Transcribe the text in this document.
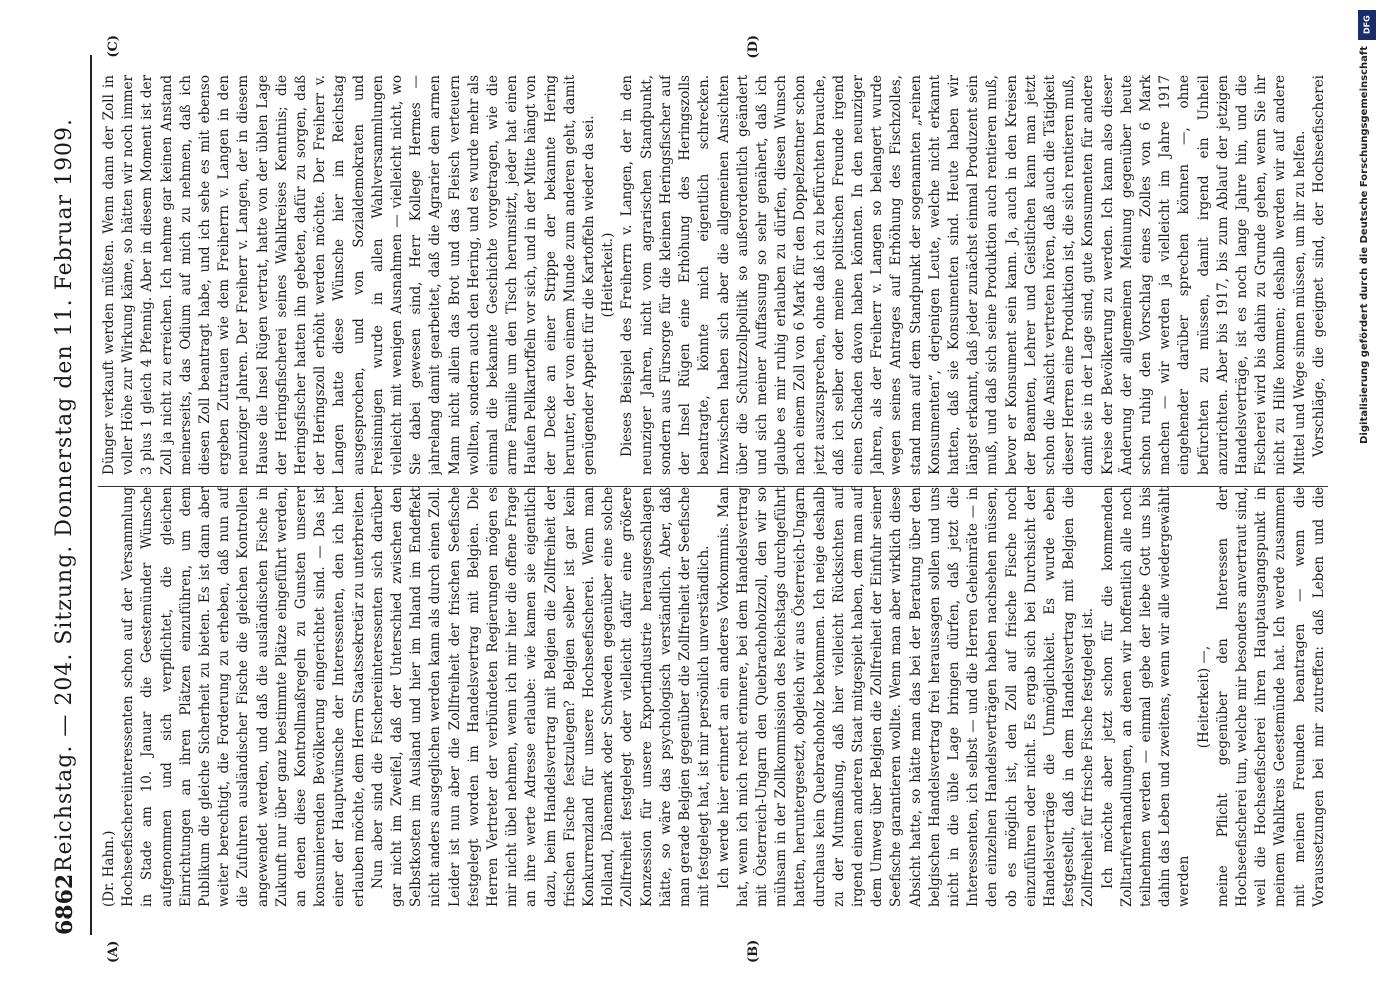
6862
Reichstag. — 204. Sitzung. Donnerstag den 11. Februar 1909.
(A)	(B)
(C)	(D)
(Dr. Hahn.) Hochseefischereiinteressenten schon auf der Versammlung in Stade am 10. Januar die Geestemünder Wünsche aufgenommen und sich verpflichtet, die gleichen Einrichtungen an ihren Plätzen einzuführen, um dem Publikum die gleiche Sicherheit zu bieten. Es ist dann aber weiter berechtigt, die Forderung zu erheben, daß nun auf die Zufuhren ausländischer Fische die gleichen Kontrollen angewendet werden, und daß die ausländischen Fische in Zukunft nur über ganz bestimmte Plätze eingeführt werden, an denen diese Kontrollmaßregeln zu Gunsten unserer konsumierenden Bevölkerung eingerichtet sind. — Das ist einer der Hauptwünsche der Interessenten, den ich hier erlauben möchte, dem Herrn Staatssekretär zu unterbreiten. Nun aber sind die Fischereiinteressenten sich darüber gar nicht im Zweifel, daß der Unterschied zwischen den Selbstkosten im Ausland und hier im Inland im Endeffekt nicht anders ausgeglichen werden kann als durch einen Zoll. Leider ist nun aber die Zollfreiheit der frischen Seefische festgelegt worden im Handelsvertrag mit Belgien. Die Herren Vertreter der verbündeten Regierungen mögen es mir nicht übel nehmen, wenn ich mir hier die offene Frage an ihre werte Adresse erlaube: wie kamen sie eigentlich dazu, beim Handelsvertrag mit Belgien die Zollfreiheit der frischen Fische festzulegen? Belgien selber ist gar kein Konkurrenzland für unsere Hochseefischerei. Wenn man Holland, Dänemark oder Schweden gegenüber eine solche Zollfreiheit festgelegt oder vielleicht dafür eine größere Konzession für unsere Exportindustrie herausgeschlagen hätte, so wäre das psychologisch verständlich. Aber, daß man gerade Belgien gegenüber die Zollfreiheit der Seefische mit festgelegt hat, ist mir persönlich unverständlich. Ich werde hier erinnert an ein anderes Vorkommnis. Man hat, wenn ich mich recht erinnere, bei dem Handelsvertrag mit Österreich-Ungarn den Quebrachoholzzoll, den wir so mühsam in der Zollkommission des Reichstags durchgeführt hatten, heruntergesetzt, obgleich wir aus Österreich-Ungarn durchaus kein Quebrachoholz bekommen. Ich neige deshalb zu der Mutmaßung, daß hier vielleicht Rücksichten auf irgend einen anderen Staat mitgespielt haben, dem man auf dem Umweg über Belgien die Zollfreiheit der Einfuhr seiner Seefische garantieren wollte. Wenn man aber wirklich diese Absicht hatte, so hätte man das bei der Beratung über den belgischen Handelsvertrag frei heraussagen sollen und uns nicht in die üble Lage bringen dürfen, daß jetzt die Interessenten, ich selbst — und die Herren Geheimräte — in den einzelnen Handelsverträgen haben nachsehen müssen, ob es möglich ist, den Zoll auf frische Fische noch einzuführen oder nicht. Es ergab sich bei Durchsicht der Handelsverträge die Unmöglichkeit. Es wurde eben festgestellt, daß in dem Handelsvertrag mit Belgien die Zollfreiheit für frische Fische festgelegt ist. Ich möchte aber jetzt schon für die kommenden Zolltarifverhandlungen, an denen wir hoffentlich alle noch teilnehmen werden — einmal gebe der liebe Gott uns bis dahin das Leben und zweitens, wenn wir alle wiedergewählt werden

(Heiterkeit) —,

meine Pflicht gegenüber den Interessen der Hochseefischerei tun, welche mir besonders anvertraut sind, weil die Hochseefischerei ihren Hauptausgangspunkt in meinem Wahlkreis Geestemünde hat. Ich werde zusammen mit meinen Freunden beantragen — wenn die Voraussetzungen bei mir zutreffen: daß Leben und die

Dünger verkauft werden müßten. Wenn dann der Zoll in voller Höhe zur Wirkung käme, so hätten wir noch immer 3 plus 1 gleich 4 Pfennig. Aber in diesem Moment ist der Zoll ja nicht zu erreichen. Ich nehme gar keinen Anstand meinerseits, das Odium auf mich zu nehmen, daß ich diesen Zoll beantragt habe, und ich sehe es mit ebenso ergeben Zutrauen wie dem Freiherrn v. Langen in den neunziger Jahren. Der Freiherr v. Langen, der in diesem Hause die Insel Rügen vertrat, hatte von der üblen Lage der Heringsfischerei seines Wahlkreises Kenntnis; die Heringsfischer hatten ihn gebeten, dafür zu sorgen, daß der Heringszoll erhöht werden möchte. Der Freiherr v. Langen hatte diese Wünsche hier im Reichstag ausgesprochen, und von Sozialdemokraten und Freisinnigen wurde in allen Wahlversammlungen vielleicht mit wenigen Ausnahmen — vielleicht nicht, wo Sie dabei gewesen sind, Herr Kollege Hermes — jahrelang damit gearbeitet, daß die Agrarier dem armen Mann nicht allein das Brot und das Fleisch verteuern wollten, sondern auch den Hering, und es wurde mehr als einmal die bekannte Geschichte vorgetragen, wie die arme Familie um den Tisch herumsitzt, jeder hat einen Haufen Pellkartoffeln vor sich, und in der Mitte hängt von der Decke an einer Strippe der bekannte Hering herunter, der von einem Munde zum anderen geht, damit genügender Appetit für die Kartoffeln wieder da sei. (Heiterkeit.) Dieses Beispiel des Freiherrn v. Langen, der in den neunziger Jahren, nicht vom agrarischen Standpunkt, sondern aus Fürsorge für die kleinen Heringsfischer auf der Insel Rügen eine Erhöhung des Heringszolls beantragte, könnte mich eigentlich schrecken. Inzwischen haben sich aber die allgemeinen Ansichten über die Schutzzollpolitik so außerordentlich geändert und sich meiner Auffassung so sehr genähert, daß ich glaube es mir ruhig erlauben zu dürfen, diesen Wunsch nach einem Zoll von 6 Mark für den Doppelzentner schon jetzt auszusprechen, ohne daß ich zu befürchten brauche, daß ich selber oder meine politischen Freunde irgend einen Schaden davon haben könnten. In den neunziger Jahren, als der Freiherr v. Langen so belangert wurde wegen seines Antrages auf Erhöhung des Fischzolles, stand man auf dem Standpunkt der sogenannten „reinen Konsumenten“, derjenigen Leute, welche nicht erkannt hatten, daß sie Konsumenten sind. Heute haben wir längst erkannt, daß jeder zunächst einmal Produzent sein muß, und daß sich seine Produktion auch rentieren muß, bevor er Konsument sein kann. Ja, auch in den Kreisen der Beamten, Lehrer und Geistlichen kann man jetzt schon die Ansicht vertreten hören, daß auch die Tätigkeit dieser Herren eine Produktion ist, die sich rentieren muß, damit sie in der Lage sind, gute Konsumenten für andere Kreise der Bevölkerung zu werden. Ich kann also dieser Änderung der allgemeinen Meinung gegenüber heute schon ruhig den Vorschlag eines Zolles von 6 Mark machen — wir werden ja vielleicht im Jahre 1917 eingehender darüber sprechen können —, ohne befürchten zu müssen, damit irgend ein Unheil anzurichten. Aber bis 1917, bis zum Ablauf der jetzigen Handelsverträge, ist es noch lange Jahre hin, und die Fischerei wird bis dahin zu Grunde gehen, wenn Sie ihr nicht zu Hilfe kommen; deshalb werden wir auf andere Mittel und Wege sinnen müssen, um ihr zu helfen. Vorschläge, die geeignet sind, der Hochseefischerei

DFG
Digitalisierung gefördert durch die Deutsche Forschungsgemeinschaft
